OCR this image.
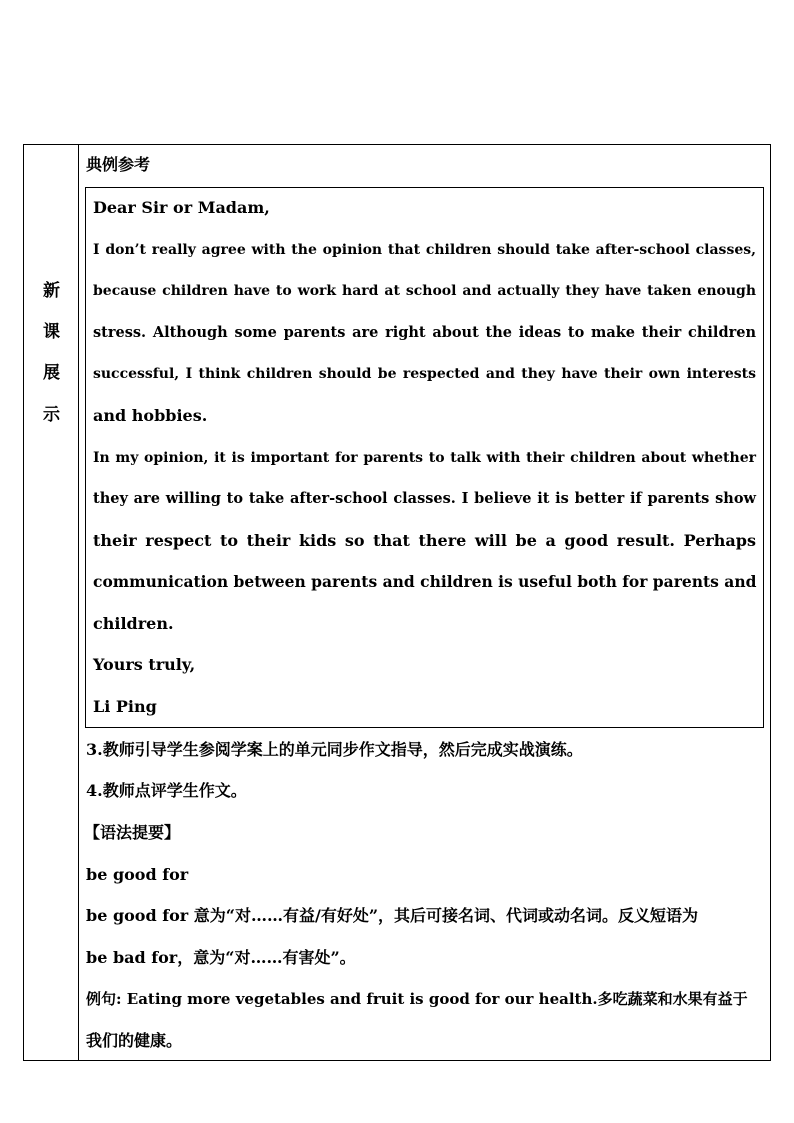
新
课
展
示
典例参考
Dear Sir or Madam,
I don’t really agree with the opinion that children should take after-school classes,
because children have to work hard at school and actually they have taken enough
stress. Although some parents are right about the ideas to make their children
successful, I think children should be respected and they have their own interests
and hobbies.
In my opinion, it is important for parents to talk with their children about whether
they are willing to take after-school classes. I believe it is better if parents show
their respect to their kids so that there will be a good result. Perhaps
communication between parents and children is useful both for parents and
children.
Yours truly,
Li Ping
3.教师引导学生参阅学案上的单元同步作文指导，然后完成实战演练。
4.教师点评学生作文。
【语法提要】
be good for
be good for 意为“对……有益/有好处”，其后可接名词、代词或动名词。反义短语为
be bad for，意为“对……有害处”。
例句: Eating more vegetables and fruit is good for our health.多吃蔬菜和水果有益于
我们的健康。
